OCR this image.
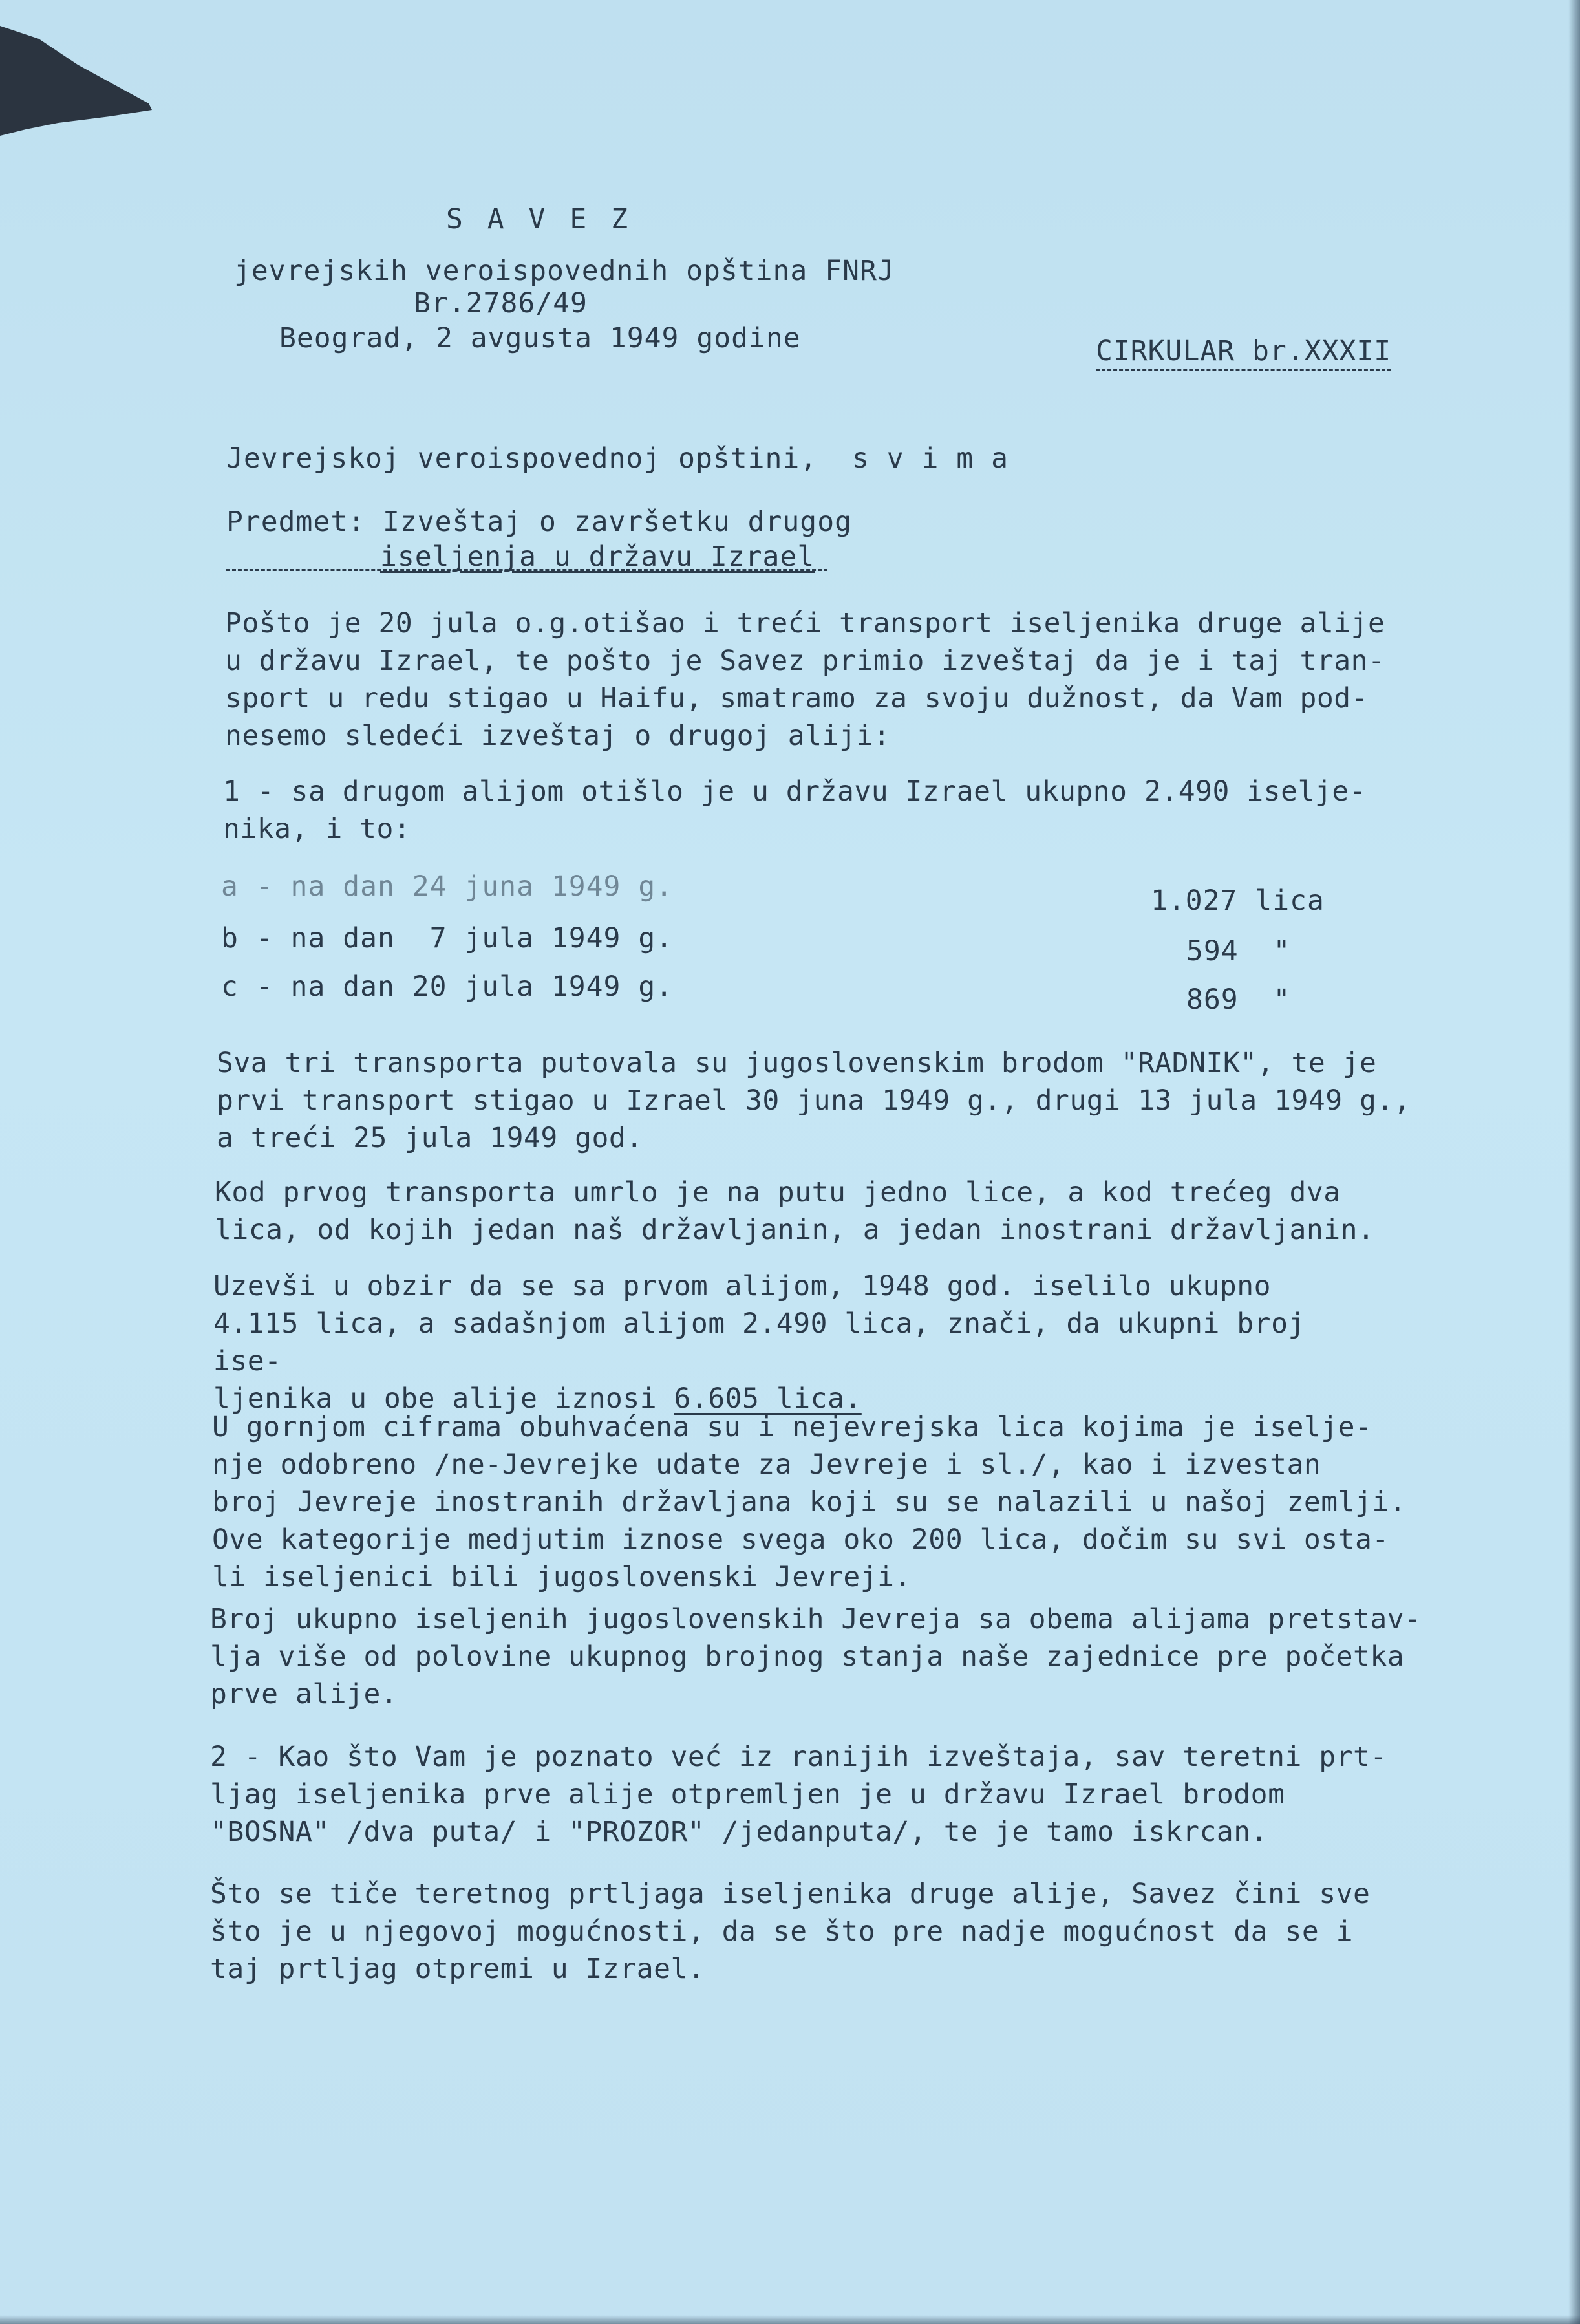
S A V E Z
jevrejskih veroispovednih opština FNRJ
Br.2786/49
Beograd, 2 avgusta 1949 godine	CIRKULAR br.XXXII
Jevrejskoj veroispovednoj opštini,  s v i m a
Predmet: Izveštaj o završetku drugog
iseljenja u državu Izrael
Pošto je 20 jula o.g.otišao i treći transport iseljenika druge alije
u državu Izrael, te pošto je Savez primio izveštaj da je i taj tran-
sport u redu stigao u Haifu, smatramo za svoju dužnost, da Vam pod-
nesemo sledeći izveštaj o drugoj aliji:
1 - sa drugom alijom otišlo je u državu Izrael ukupno 2.490 iselje-
nika, i to:
a - na dan 24 juna 1949 g.	1.027 lica
b - na dan  7 jula 1949 g.	594  "
c - na dan 20 jula 1949 g.	869  "
Sva tri transporta putovala su jugoslovenskim brodom "RADNIK", te je
prvi transport stigao u Izrael 30 juna 1949 g., drugi 13 jula 1949 g.,
a treći 25 jula 1949 god.
Kod prvog transporta umrlo je na putu jedno lice, a kod trećeg dva
lica, od kojih jedan naš državljanin, a jedan inostrani državljanin.
Uzevši u obzir da se sa prvom alijom, 1948 god. iselilo ukupno
4.115 lica, a sadašnjom alijom 2.490 lica, znači, da ukupni broj ise-
ljenika u obe alije iznosi 6.605 lica.
U gornjom ciframa obuhvaćena su i nejevrejska lica kojima je iselje-
nje odobreno /ne-Jevrejke udate za Jevreje i sl./, kao i izvestan
broj Jevreje inostranih državljana koji su se nalazili u našoj zemlji.
Ove kategorije medjutim iznose svega oko 200 lica, dočim su svi osta-
li iseljenici bili jugoslovenski Jevreji.
Broj ukupno iseljenih jugoslovenskih Jevreja sa obema alijama pretstav-
lja više od polovine ukupnog brojnog stanja naše zajednice pre početka
prve alije.
2 - Kao što Vam je poznato već iz ranijih izveštaja, sav teretni prt-
ljag iseljenika prve alije otpremljen je u državu Izrael brodom
"BOSNA" /dva puta/ i "PROZOR" /jedanputa/, te je tamo iskrcan.
Što se tiče teretnog prtljaga iseljenika druge alije, Savez čini sve
što je u njegovoj mogućnosti, da se što pre nadje mogućnost da se i
taj prtljag otpremi u Izrael.
